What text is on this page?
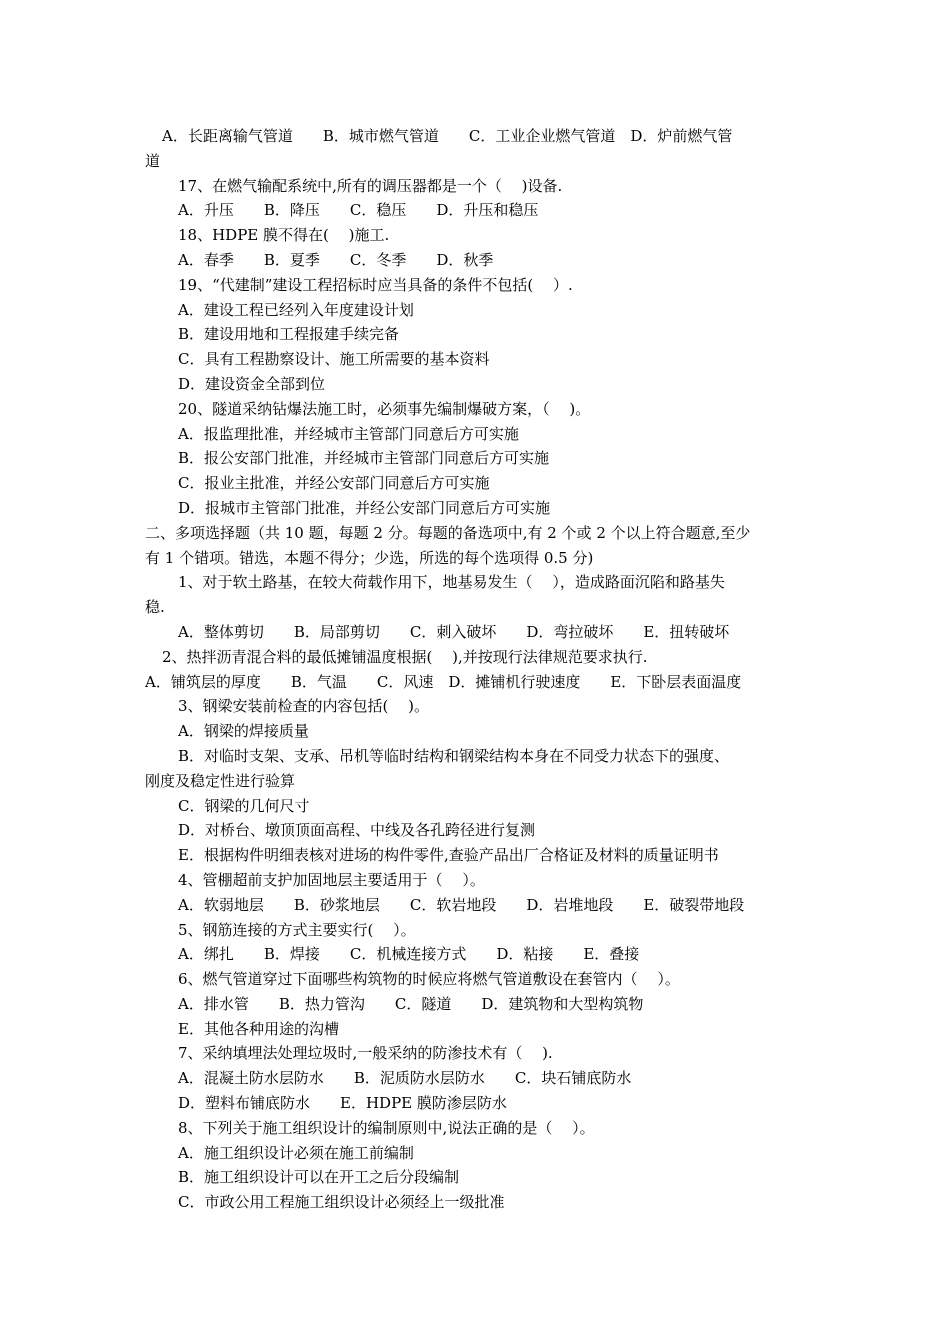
A．长距离输气管道　　B．城市燃气管道　　C．工业企业燃气管道　D．炉前燃气管
道
17、在燃气输配系统中,所有的调压器都是一个（　 )设备.
A．升压　　B．降压　　C．稳压　　D．升压和稳压
18、HDPE 膜不得在(　 )施工.
A．春季　　B．夏季　　C．冬季　　D．秋季
19、“代建制”建设工程招标时应当具备的条件不包括(　 ）.
A．建设工程已经列入年度建设计划
B．建设用地和工程报建手续完备
C．具有工程勘察设计、施工所需要的基本资料
D．建设资金全部到位
20、隧道采纳钻爆法施工时，必须事先编制爆破方案，（　 )。
A．报监理批准，并经城市主管部门同意后方可实施
B．报公安部门批准，并经城市主管部门同意后方可实施
C．报业主批准，并经公安部门同意后方可实施
D．报城市主管部门批准，并经公安部门同意后方可实施
二、多项选择题（共 10 题，每题 2 分。每题的备选项中,有 2 个或 2 个以上符合题意,至少
有 1 个错项。错选，本题不得分；少选，所选的每个选项得 0.5 分)
1、对于软土路基，在较大荷载作用下，地基易发生（　 ），造成路面沉陷和路基失
稳.
A．整体剪切　　B．局部剪切　　C．刺入破坏　　D．弯拉破坏　　E．扭转破坏
2、热拌沥青混合料的最低摊铺温度根据(　 ),并按现行法律规范要求执行.
A．铺筑层的厚度　　B．气温　　C．风速　D．摊铺机行驶速度　　E．下卧层表面温度
3、钢梁安装前检查的内容包括(　 )。
A．钢梁的焊接质量
B．对临时支架、支承、吊机等临时结构和钢梁结构本身在不同受力状态下的强度、
刚度及稳定性进行验算
C．钢梁的几何尺寸
D．对桥台、墩顶顶面高程、中线及各孔跨径进行复测
E．根据构件明细表核对进场的构件零件,查验产品出厂合格证及材料的质量证明书
4、管棚超前支护加固地层主要适用于（　 ）。
A．软弱地层　　B．砂浆地层　　C．软岩地段　　D．岩堆地段　　E．破裂带地段
5、钢筋连接的方式主要实行(　 ）。
A．绑扎　　B．焊接　　C．机械连接方式　　D．粘接　　E．叠接
6、燃气管道穿过下面哪些构筑物的时候应将燃气管道敷设在套管内（　 ）。
A．排水管　　B．热力管沟　　C．隧道　　D．建筑物和大型构筑物
E．其他各种用途的沟槽
7、采纳填埋法处理垃圾时,一般采纳的防渗技术有（　 ).
A．混凝土防水层防水　　B．泥质防水层防水　　C．块石铺底防水
D．塑料布铺底防水　　E．HDPE 膜防渗层防水
8、下列关于施工组织设计的编制原则中,说法正确的是（　 ）。
A．施工组织设计必须在施工前编制
B．施工组织设计可以在开工之后分段编制
C．市政公用工程施工组织设计必须经上一级批准
